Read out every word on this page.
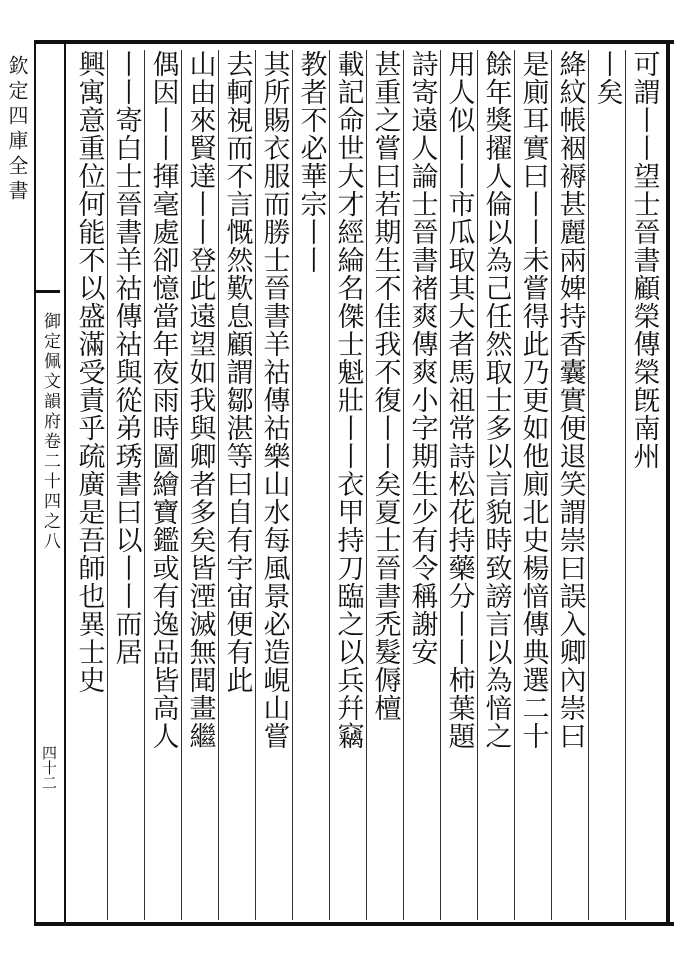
欽定四庫全書
御定佩文韻府卷二十四之八
四十二
可謂丨丨望士晉書顧榮傳榮旣南州
丨矣
絳紋帳裀褥甚麗兩婢持香囊實便退笑謂崇曰誤入卿內崇曰
是廁耳實曰丨丨未嘗得此乃更如他廁北史楊愔傳典選二十
餘年獎擢人倫以為己任然取士多以言貌時致謗言以為愔之
用人似丨丨市瓜取其大者馬祖常詩松花持藥分丨丨柿葉題
詩寄遠人論士晉書褚爽傳爽小字期生少有令稱謝安
甚重之嘗曰若期生不佳我不復丨丨矣夏士晉書禿髮傉檀
載記命世大才經綸名傑士魁壯丨丨衣甲持刀臨之以兵幷竊
教者不必華宗丨丨
其所賜衣服而勝士晉書羊祜傳祜樂山水每風景必造峴山嘗
去軻視而不言慨然歎息顧謂鄒湛等曰自有宇宙便有此
山由來賢達丨丨登此遠望如我與卿者多矣皆湮滅無聞畫繼
偶因丨丨揮毫處卻憶當年夜雨時圖繪寶鑑或有逸品皆高人
丨丨寄白士晉書羊祜傳祜與從弟琇書曰以丨丨而居
興寓意重位何能不以盛滿受責乎疏廣是吾師也異士史
